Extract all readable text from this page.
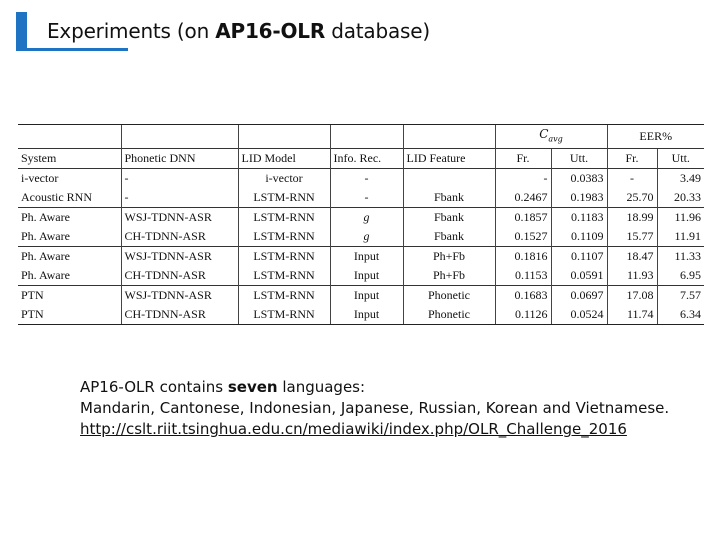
Experiments (on AP16-OLR database)
					$C_{avg}$		EER%	
System	Phonetic DNN	LID Model	Info. Rec.	LID Feature	Fr.	Utt.	Fr.	Utt.
i-vector	-	i-vector	-		-	0.0383	-	3.49
Acoustic RNN	-	LSTM-RNN	-	Fbank	0.2467	0.1983	25.70	20.33
Ph. Aware	WSJ-TDNN-ASR	LSTM-RNN	g	Fbank	0.1857	0.1183	18.99	11.96
Ph. Aware	CH-TDNN-ASR	LSTM-RNN	g	Fbank	0.1527	0.1109	15.77	11.91
Ph. Aware	WSJ-TDNN-ASR	LSTM-RNN	Input	Ph+Fb	0.1816	0.1107	18.47	11.33
Ph. Aware	CH-TDNN-ASR	LSTM-RNN	Input	Ph+Fb	0.1153	0.0591	11.93	6.95
PTN	WSJ-TDNN-ASR	LSTM-RNN	Input	Phonetic	0.1683	0.0697	17.08	7.57
PTN	CH-TDNN-ASR	LSTM-RNN	Input	Phonetic	0.1126	0.0524	11.74	6.34
AP16-OLR contains seven languages:
Mandarin, Cantonese, Indonesian, Japanese, Russian, Korean and Vietnamese.
http://cslt.riit.tsinghua.edu.cn/mediawiki/index.php/OLR_Challenge_2016
